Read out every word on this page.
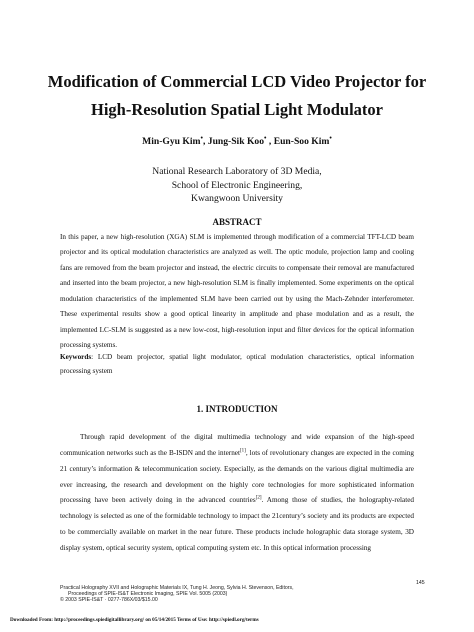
Modification of Commercial LCD Video Projector for
High-Resolution Spatial Light Modulator
Min-Gyu Kim•, Jung-Sik Koo• , Eun-Soo Kim•
National Research Laboratory of 3D Media,
School of Electronic Engineering,
Kwangwoon University
ABSTRACT

In this paper, a new high-resolution (XGA) SLM is implemented through modification of a commercial TFT-LCD beam projector and its optical modulation characteristics are analyzed as well. The optic module, projection lamp and cooling fans are removed from the beam projector and instead, the electric circuits to compensate their removal are manufactured and inserted into the beam projector, a new high-resolution SLM is finally implemented. Some experiments on the optical modulation characteristics of the implemented SLM have been carried out by using the Mach-Zehnder interferometer. These experimental results show a good optical linearity in amplitude and phase modulation and as a result, the implemented LC-SLM is suggested as a new low-cost, high-resolution input and filter devices for the optical information processing systems.

Keywords: LCD beam projector, spatial light modulator, optical modulation characteristics, optical information processing system

1. INTRODUCTION

Through rapid development of the digital multimedia technology and wide expansion of the high-speed communication networks such as the B-ISDN and the internet[1], lots of revolutionary changes are expected in the coming 21 century’s information & telecommunication society. Especially, as the demands on the various digital multimedia are ever increasing, the research and development on the highly core technologies for more sophisticated information processing have been actively doing in the advanced countries[2]. Among those of studies, the holography-related technology is selected as one of the formidable technology to impact the 21century’s society and its products are expected to be commercially available on market in the near future. These products include holographic data storage system, 3D display system, optical security system, optical computing system etc. In this optical information processing

Practical Holography XVII and Holographic Materials IX, Tung H. Jeong, Sylvia H. Stevenson, Editors,
Proceedings of SPIE-IS&T Electronic Imaging, SPIE Vol. 5005 (2003)
© 2003 SPIE-IS&T · 0277-786X/03/$15.00
145
Downloaded From: http://proceedings.spiedigitallibrary.org/ on 05/14/2015 Terms of Use: http://spiedl.org/terms
